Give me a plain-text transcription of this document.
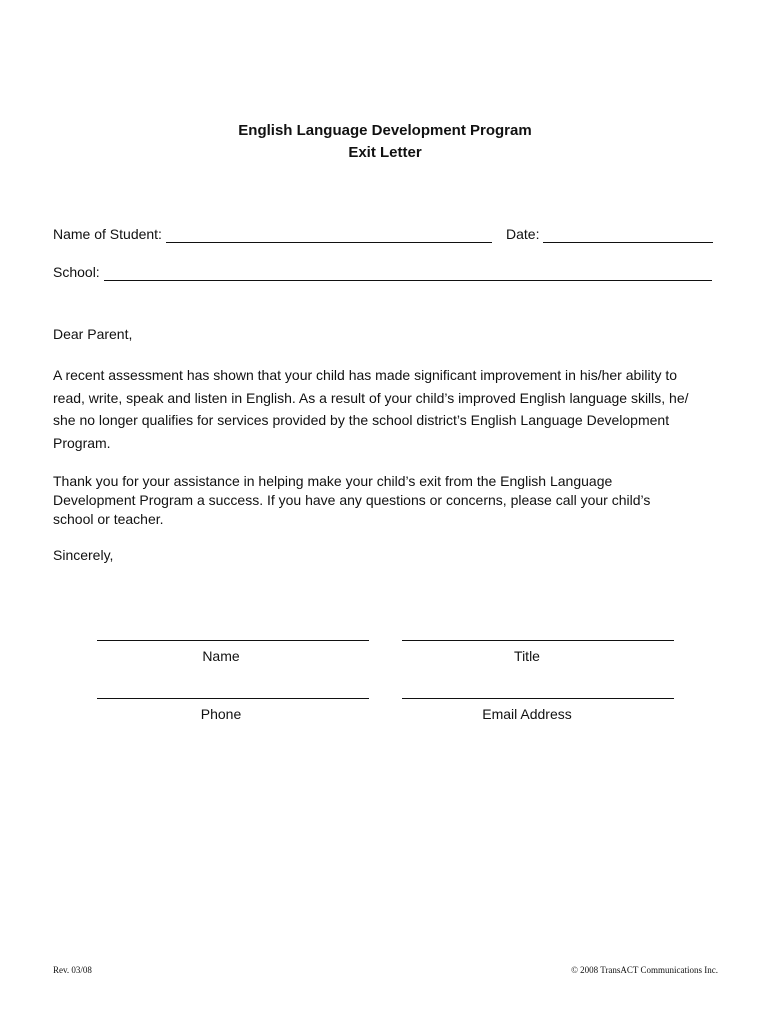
English Language Development Program
Exit Letter
Name of Student:	Date:
School:
Dear Parent,
A recent assessment has shown that your child has made significant improvement in his/her ability to
read, write, speak and listen in English. As a result of your child’s improved English language skills, he/
she no longer qualifies for services provided by the school district’s English Language Development
Program.
Thank you for your assistance in helping make your child’s exit from the English Language
Development Program a success. If you have any questions or concerns, please call your child’s
school or teacher.
Sincerely,
Name	Title
Phone	Email Address
Rev. 03/08	© 2008 TransACT Communications Inc.
